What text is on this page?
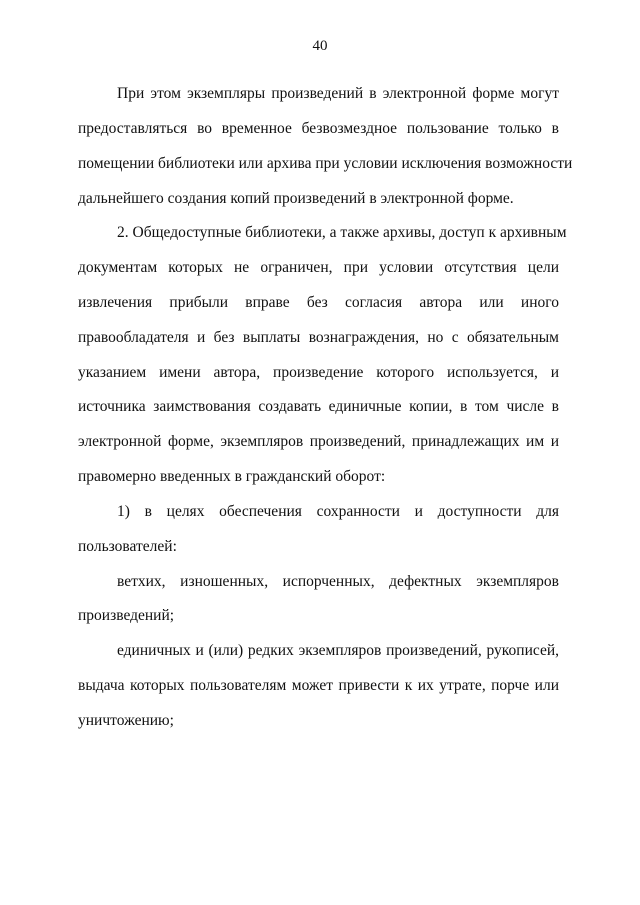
40
При этом экземпляры произведений в электронной форме могут
предоставляться во временное безвозмездное пользование только в
помещении библиотеки или архива при условии исключения возможности
дальнейшего создания копий произведений в электронной форме.
2. Общедоступные библиотеки, а также архивы, доступ к архивным
документам которых не ограничен, при условии отсутствия цели
извлечения прибыли вправе без согласия автора или иного
правообладателя и без выплаты вознаграждения, но с обязательным
указанием имени автора, произведение которого используется, и
источника заимствования создавать единичные копии, в том числе в
электронной форме, экземпляров произведений, принадлежащих им и
правомерно введенных в гражданский оборот:
1) в целях обеспечения сохранности и доступности для
пользователей:
ветхих, изношенных, испорченных, дефектных экземпляров
произведений;
единичных и (или) редких экземпляров произведений, рукописей,
выдача которых пользователям может привести к их утрате, порче или
уничтожению;
